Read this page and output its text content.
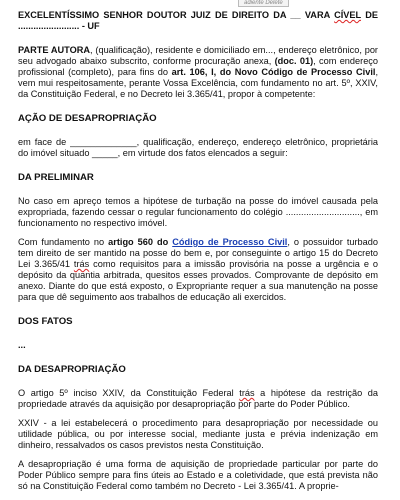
adiente Delete

EXCELENTÍSSIMO SENHOR DOUTOR JUIZ DE DIREITO DA __ VARA CÍVEL DE ........................ - UF

PARTE AUTORA, (qualificação), residente e domiciliado em..., endereço eletrônico, por seu advogado abaixo subscrito, conforme procuração anexa, (doc. 01), com endereço profissional (completo), para fins do art. 106, I, do Novo Código de Processo Civil, vem mui respeitosamente, perante Vossa Excelência, com fundamento no art. 5º, XXIV, da Constituição Federal, e no Decreto lei 3.365/41, propor à competente:

AÇÃO DE DESAPROPRIAÇÃO

em face de _____________, qualificação, endereço, endereço eletrônico, proprietária do imóvel situado _____, em virtude dos fatos elencados a seguir:

DA PRELIMINAR

No caso em apreço temos a hipótese de turbação na posse do imóvel causada pela expropriada, fazendo cessar o regular funcionamento do colégio ............................., em funcionamento no respectivo imóvel.

Com fundamento no artigo 560 do Código de Processo Civil, o possuidor turbado tem direito de ser mantido na posse do bem e, por conseguinte o artigo 15 do Decreto Lei 3.365/41 trás como requisitos para a imissão provisória na posse a urgência e o depósito da quantia arbitrada, quesitos esses provados. Comprovante de depósito em anexo. Diante do que está exposto, o Expropriante requer a sua manutenção na posse para que dê seguimento aos trabalhos de educação ali exercidos.

DOS FATOS

...

DA DESAPROPRIAÇÃO

O artigo 5º inciso XXIV, da Constituição Federal trás a hipótese da restrição da propriedade através da aquisição por desapropriação por parte do Poder Público.

XXIV - a lei estabelecerá o procedimento para desapropriação por necessidade ou utilidade pública, ou por interesse social, mediante justa e prévia indenização em dinheiro, ressalvados os casos previstos nesta Constituição.

A desapropriação é uma forma de aquisição de propriedade particular por parte do Poder Público sempre para fins úteis ao Estado e a coletividade, que está prevista não só na Constituição Federal como também no Decreto - Lei 3.365/41. A proprie-
